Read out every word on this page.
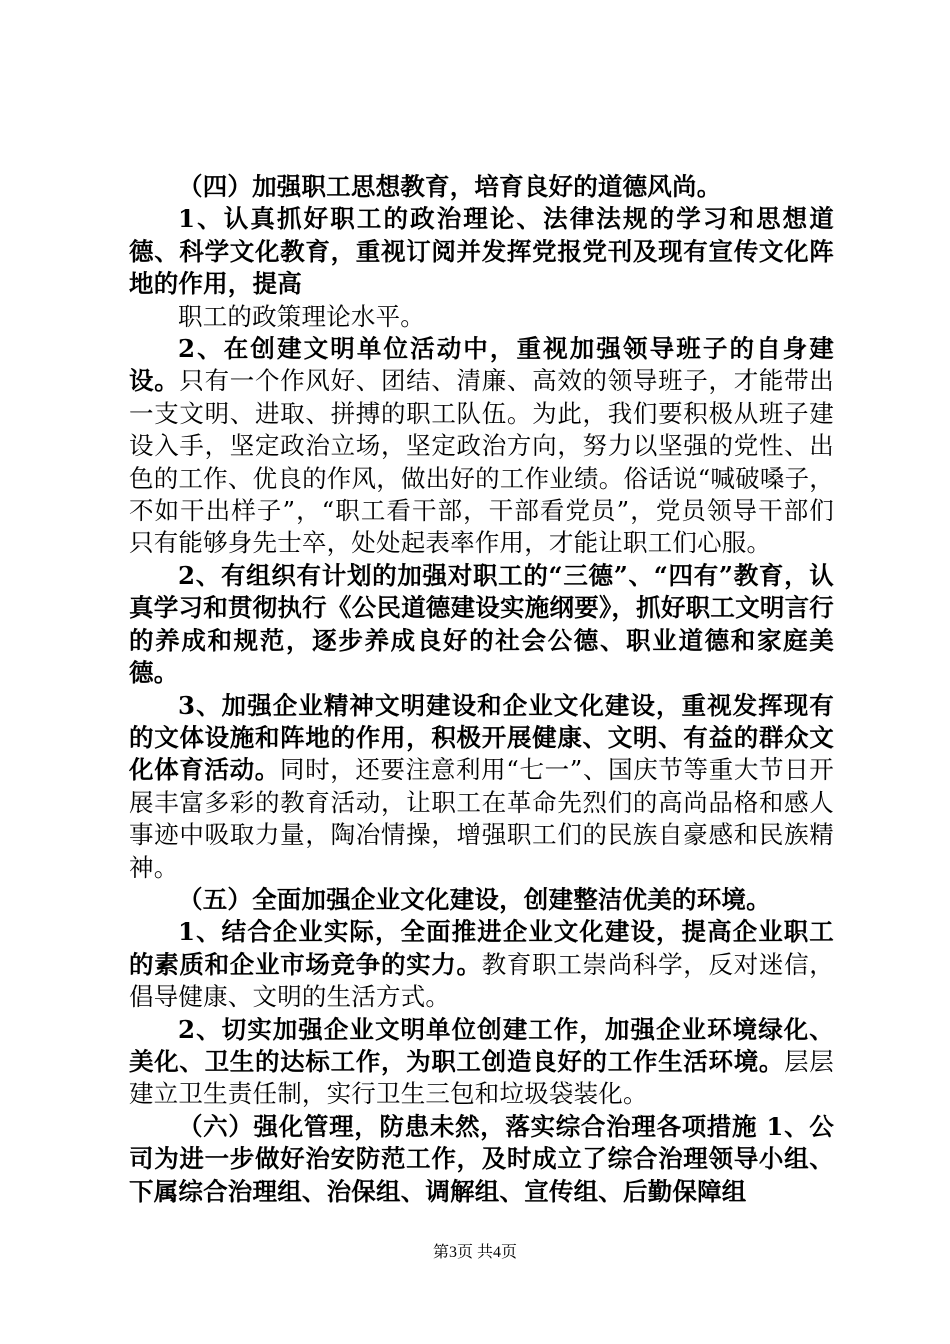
（四）加强职工思想教育，培育良好的道德风尚。

1、认真抓好职工的政治理论、法律法规的学习和思想道德、科学文化教育，重视订阅并发挥党报党刊及现有宣传文化阵地的作用，提高

职工的政策理论水平。

2、在创建文明单位活动中，重视加强领导班子的自身建设。只有一个作风好、团结、清廉、高效的领导班子，才能带出一支文明、进取、拼搏的职工队伍。为此，我们要积极从班子建设入手，坚定政治立场，坚定政治方向，努力以坚强的党性、出色的工作、优良的作风，做出好的工作业绩。俗话说“喊破嗓子，不如干出样子”，“职工看干部，干部看党员”，党员领导干部们只有能够身先士卒，处处起表率作用，才能让职工们心服。

2、有组织有计划的加强对职工的“三德”、“四有”教育，认真学习和贯彻执行《公民道德建设实施纲要》，抓好职工文明言行的养成和规范，逐步养成良好的社会公德、职业道德和家庭美德。

3、加强企业精神文明建设和企业文化建设，重视发挥现有的文体设施和阵地的作用，积极开展健康、文明、有益的群众文化体育活动。同时，还要注意利用“七一”、国庆节等重大节日开展丰富多彩的教育活动，让职工在革命先烈们的高尚品格和感人事迹中吸取力量，陶冶情操，增强职工们的民族自豪感和民族精神。

（五）全面加强企业文化建设，创建整洁优美的环境。

1、结合企业实际，全面推进企业文化建设，提高企业职工的素质和企业市场竞争的实力。教育职工崇尚科学，反对迷信，倡导健康、文明的生活方式。

2、切实加强企业文明单位创建工作，加强企业环境绿化、美化、卫生的达标工作，为职工创造良好的工作生活环境。层层建立卫生责任制，实行卫生三包和垃圾袋装化。

（六）强化管理，防患未然，落实综合治理各项措施 1、公司为进一步做好治安防范工作，及时成立了综合治理领导小组、下属综合治理组、治保组、调解组、宣传组、后勤保障组

第3页 共4页
